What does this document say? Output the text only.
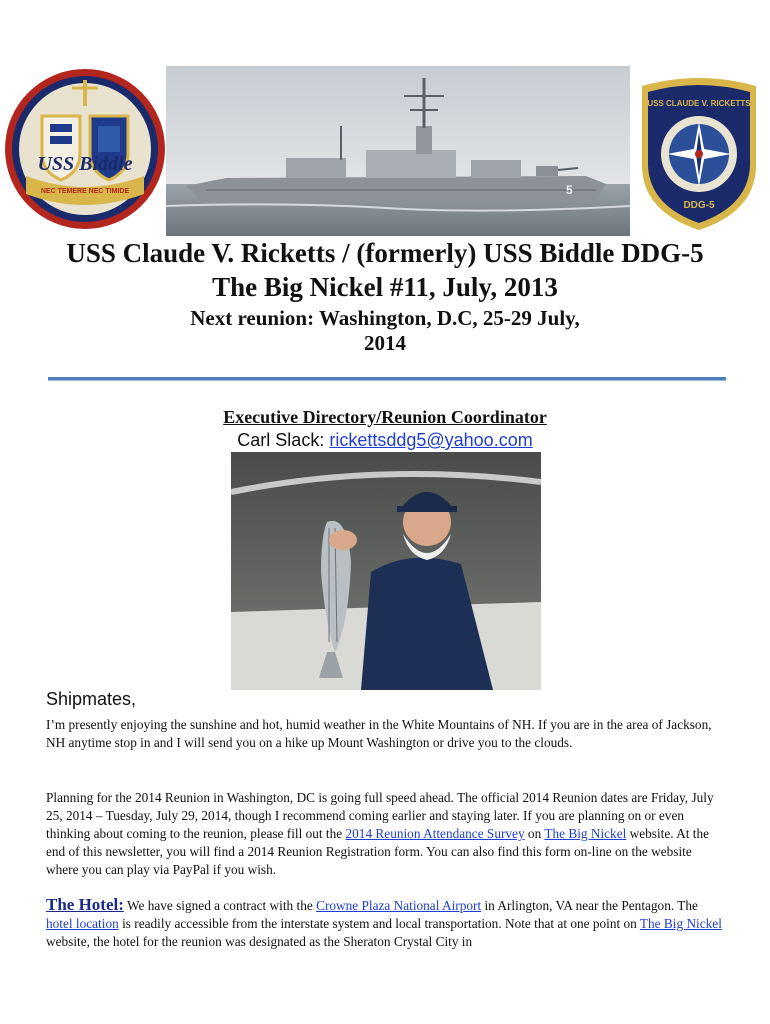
USS Biddle
NEC TEMERE NEC TIMIDE	5
USS CLAUDE V. RICKETTS
DDG-5
USS Claude V. Ricketts / (formerly) USS Biddle DDG-5
The Big Nickel #11, July, 2013
Next reunion: Washington, D.C, 25-29 July,
2014
Executive Directory/Reunion Coordinator
Carl Slack: rickettsddg5@yahoo.com
Shipmates,

I’m presently enjoying the sunshine and hot, humid weather in the White Mountains of NH. If you are in the area of Jackson, NH anytime stop in and I will send you on a hike up Mount Washington or drive you to the clouds.

Planning for the 2014 Reunion in Washington, DC is going full speed ahead. The official 2014 Reunion dates are Friday, July 25, 2014 – Tuesday, July 29, 2014, though I recommend coming earlier and staying later. If you are planning on or even thinking about coming to the reunion, please fill out the 2014 Reunion Attendance Survey on The Big Nickel website. At the end of this newsletter, you will find a 2014 Reunion Registration form. You can also find this form on-line on the website where you can play via PayPal if you wish.

The Hotel: We have signed a contract with the Crowne Plaza National Airport in Arlington, VA near the Pentagon. The hotel location is readily accessible from the interstate system and local transportation. Note that at one point on The Big Nickel website, the hotel for the reunion was designated as the Sheraton Crystal City in
